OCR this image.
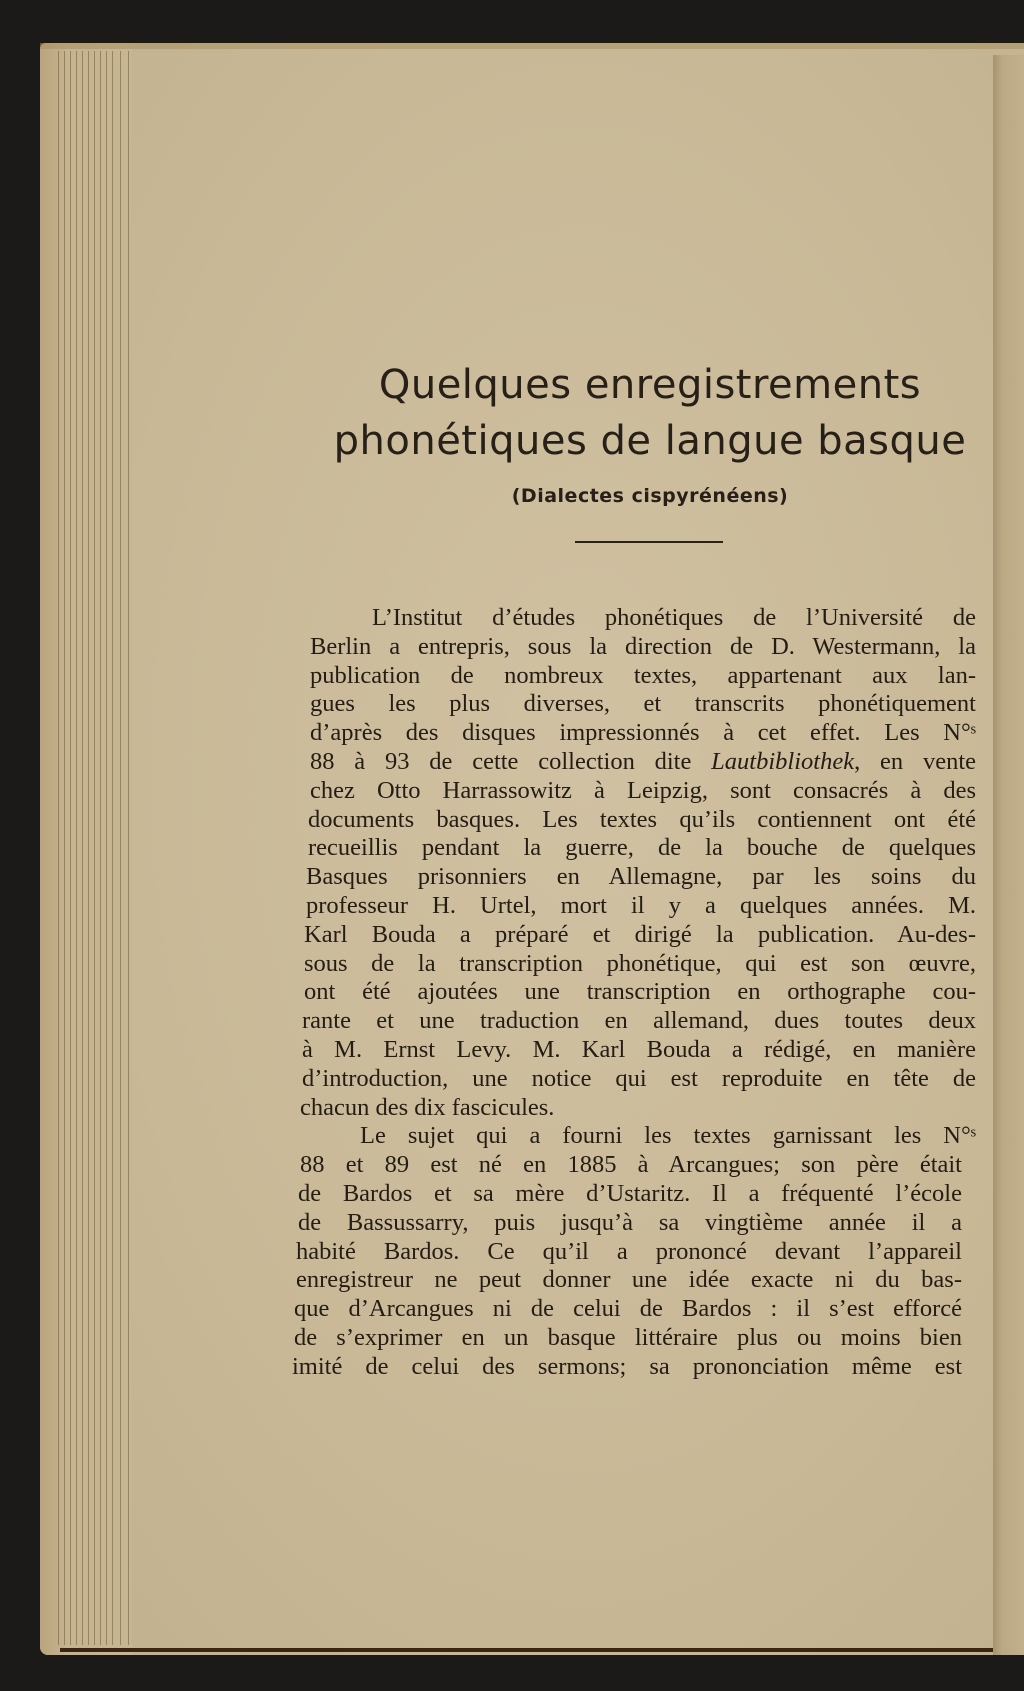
Quelques enregistrements
phonétiques de langue basque
(Dialectes cispyrénéens)
L’Institut d’études phonétiques de l’Université de
Berlin a entrepris, sous la direction de D. Westermann, la
publication de nombreux textes, appartenant aux lan-
gues les plus diverses, et transcrits phonétiquement
d’après des disques impressionnés à cet effet. Les N°ˢ
88 à 93 de cette collection dite Lautbibliothek, en vente
chez Otto Harrassowitz à Leipzig, sont consacrés à des
documents basques. Les textes qu’ils contiennent ont été
recueillis pendant la guerre, de la bouche de quelques
Basques prisonniers en Allemagne, par les soins du
professeur H. Urtel, mort il y a quelques années. M.
Karl Bouda a préparé et dirigé la publication. Au-des-
sous de la transcription phonétique, qui est son œuvre,
ont été ajoutées une transcription en orthographe cou-
rante et une traduction en allemand, dues toutes deux
à M. Ernst Levy. M. Karl Bouda a rédigé, en manière
d’introduction, une notice qui est reproduite en tête de
chacun des dix fascicules.
Le sujet qui a fourni les textes garnissant les N°ˢ
88 et 89 est né en 1885 à Arcangues; son père était
de Bardos et sa mère d’Ustaritz. Il a fréquenté l’école
de Bassussarry, puis jusqu’à sa vingtième année il a
habité Bardos. Ce qu’il a prononcé devant l’appareil
enregistreur ne peut donner une idée exacte ni du bas-
que d’Arcangues ni de celui de Bardos : il s’est efforcé
de s’exprimer en un basque littéraire plus ou moins bien
imité de celui des sermons; sa prononciation même est
